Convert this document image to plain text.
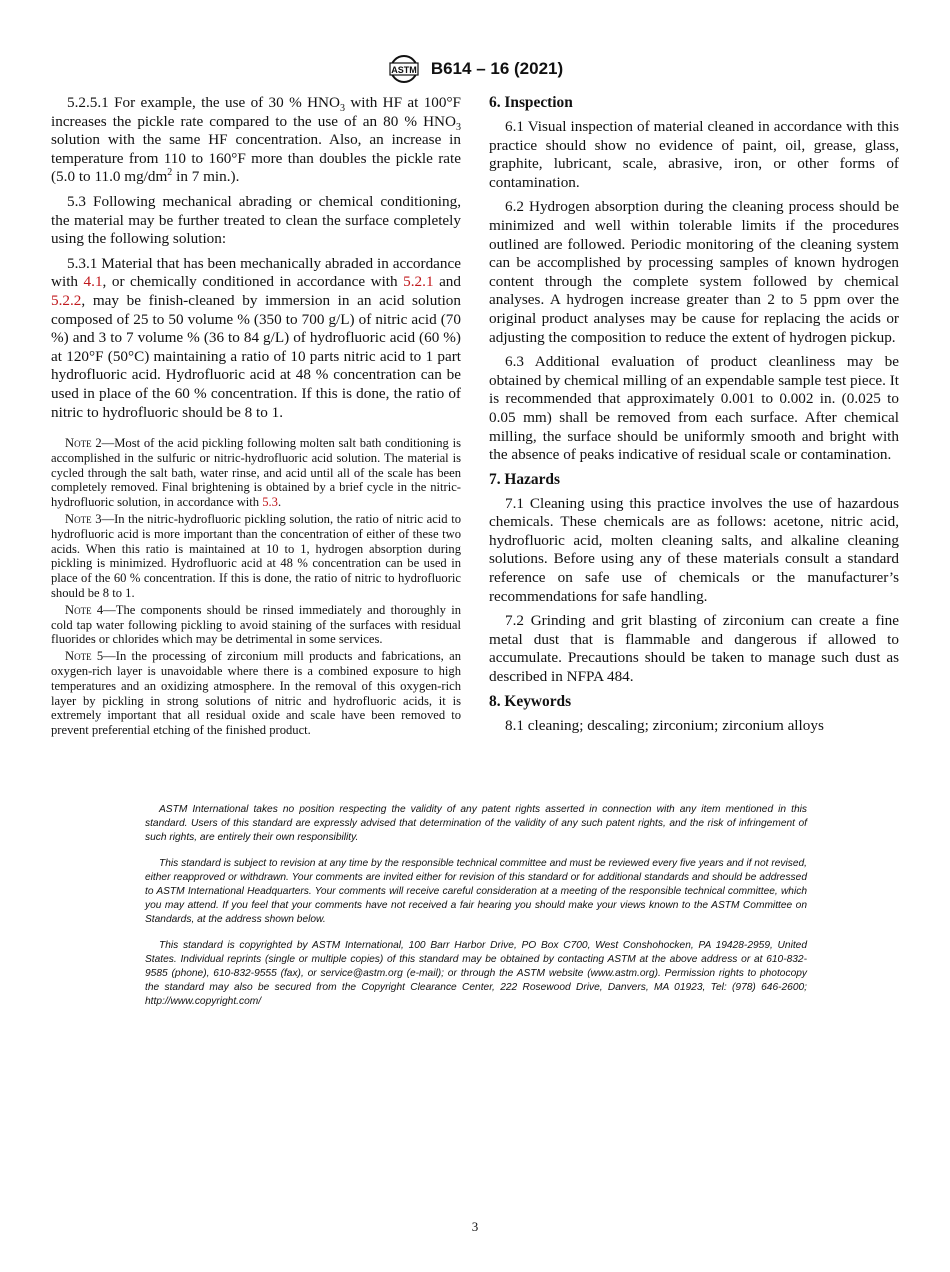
ASTM B614 – 16 (2021)

5.2.5.1 For example, the use of 30 % $HNO_3$ with HF at 100°F increases the pickle rate compared to the use of an 80 % $HNO_3$ solution with the same HF concentration. Also, an increase in temperature from 110 to 160°F more than doubles the pickle rate (5.0 to 11.0 $mg/dm^2$ in 7 min.).

5.3 Following mechanical abrading or chemical conditioning, the material may be further treated to clean the surface completely using the following solution:

5.3.1 Material that has been mechanically abraded in accordance with 4.1, or chemically conditioned in accordance with 5.2.1 and 5.2.2, may be finish-cleaned by immersion in an acid solution composed of 25 to 50 volume % (350 to 700 g/L) of nitric acid (70 %) and 3 to 7 volume % (36 to 84 g/L) of hydrofluoric acid (60 %) at 120°F (50°C) maintaining a ratio of 10 parts nitric acid to 1 part hydrofluoric acid. Hydrofluoric acid at 48 % concentration can be used in place of the 60 % concentration. If this is done, the ratio of nitric to hydrofluoric should be 8 to 1.

Note 2—Most of the acid pickling following molten salt bath conditioning is accomplished in the sulfuric or nitric-hydrofluoric acid solution. The material is cycled through the salt bath, water rinse, and acid until all of the scale has been completely removed. Final brightening is obtained by a brief cycle in the nitric-hydrofluoric solution, in accordance with 5.3.

Note 3—In the nitric-hydrofluoric pickling solution, the ratio of nitric acid to hydrofluoric acid is more important than the concentration of either of these two acids. When this ratio is maintained at 10 to 1, hydrogen absorption during pickling is minimized. Hydrofluoric acid at 48 % concentration can be used in place of the 60 % concentration. If this is done, the ratio of nitric to hydrofluoric should be 8 to 1.

Note 4—The components should be rinsed immediately and thoroughly in cold tap water following pickling to avoid staining of the surfaces with residual fluorides or chlorides which may be detrimental in some services.

Note 5—In the processing of zirconium mill products and fabrications, an oxygen-rich layer is unavoidable where there is a combined exposure to high temperatures and an oxidizing atmosphere. In the removal of this oxygen-rich layer by pickling in strong solutions of nitric and hydrofluoric acids, it is extremely important that all residual oxide and scale have been removed to prevent preferential etching of the finished product.

6. Inspection

6.1 Visual inspection of material cleaned in accordance with this practice should show no evidence of paint, oil, grease, glass, graphite, lubricant, scale, abrasive, iron, or other forms of contamination.

6.2 Hydrogen absorption during the cleaning process should be minimized and well within tolerable limits if the procedures outlined are followed. Periodic monitoring of the cleaning system can be accomplished by processing samples of known hydrogen content through the complete system followed by chemical analyses. A hydrogen increase greater than 2 to 5 ppm over the original product analyses may be cause for replacing the acids or adjusting the composition to reduce the extent of hydrogen pickup.

6.3 Additional evaluation of product cleanliness may be obtained by chemical milling of an expendable sample test piece. It is recommended that approximately 0.001 to 0.002 in. (0.025 to 0.05 mm) shall be removed from each surface. After chemical milling, the surface should be uniformly smooth and bright with the absence of peaks indicative of residual scale or contamination.

7. Hazards

7.1 Cleaning using this practice involves the use of hazardous chemicals. These chemicals are as follows: acetone, nitric acid, hydrofluoric acid, molten cleaning salts, and alkaline cleaning solutions. Before using any of these materials consult a standard reference on safe use of chemicals or the manufacturer’s recommendations for safe handling.

7.2 Grinding and grit blasting of zirconium can create a fine metal dust that is flammable and dangerous if allowed to accumulate. Precautions should be taken to manage such dust as described in NFPA 484.

8. Keywords

8.1 cleaning; descaling; zirconium; zirconium alloys

ASTM International takes no position respecting the validity of any patent rights asserted in connection with any item mentioned in this standard. Users of this standard are expressly advised that determination of the validity of any such patent rights, and the risk of infringement of such rights, are entirely their own responsibility.

This standard is subject to revision at any time by the responsible technical committee and must be reviewed every five years and if not revised, either reapproved or withdrawn. Your comments are invited either for revision of this standard or for additional standards and should be addressed to ASTM International Headquarters. Your comments will receive careful consideration at a meeting of the responsible technical committee, which you may attend. If you feel that your comments have not received a fair hearing you should make your views known to the ASTM Committee on Standards, at the address shown below.

This standard is copyrighted by ASTM International, 100 Barr Harbor Drive, PO Box C700, West Conshohocken, PA 19428-2959, United States. Individual reprints (single or multiple copies) of this standard may be obtained by contacting ASTM at the above address or at 610-832-9585 (phone), 610-832-9555 (fax), or service@astm.org (e-mail); or through the ASTM website (www.astm.org). Permission rights to photocopy the standard may also be secured from the Copyright Clearance Center, 222 Rosewood Drive, Danvers, MA 01923, Tel: (978) 646-2600; http://www.copyright.com/

3
